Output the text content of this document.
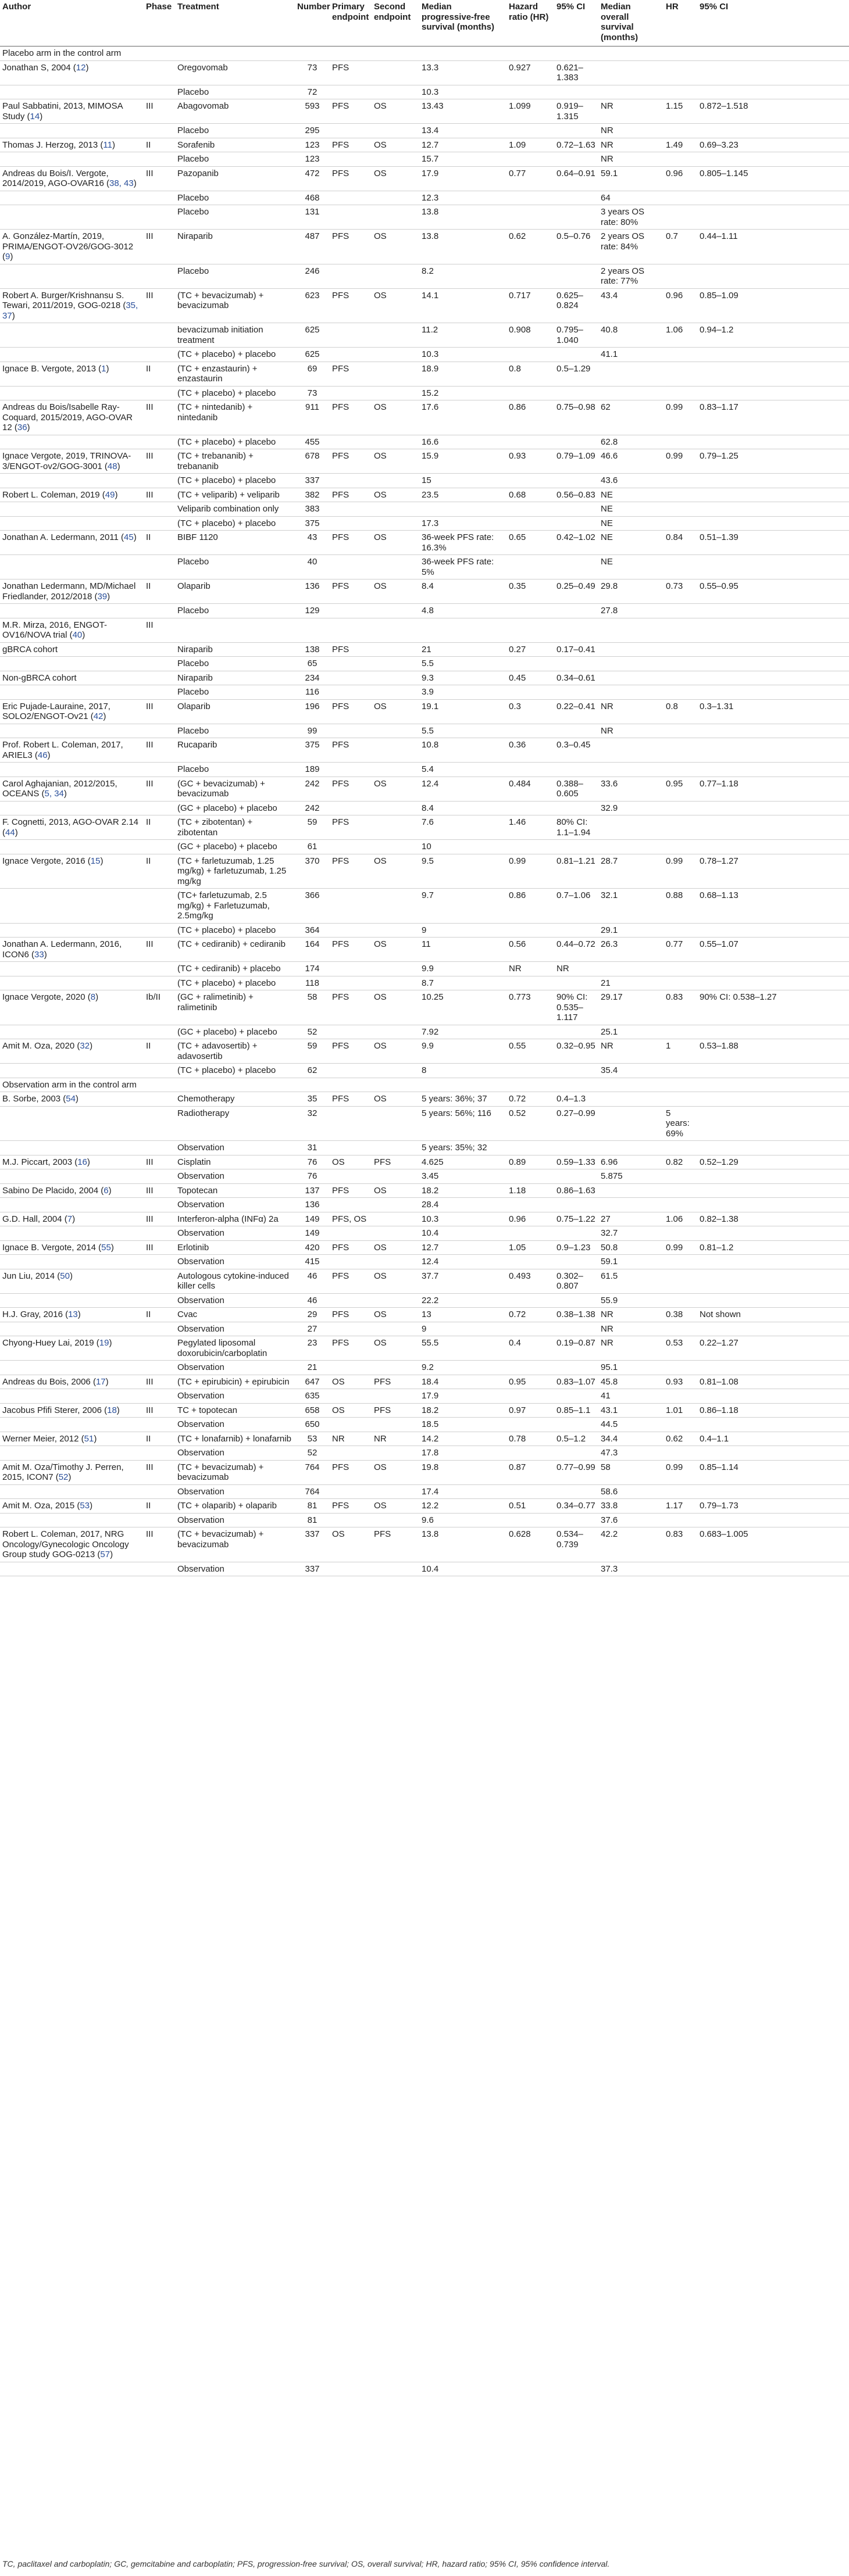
Author	Phase	Treatment	Number	Primary endpoint	Second endpoint	Median progressive-free survival (months)	Hazard ratio (HR)	95% CI	Median overall survival (months)	HR	95% CI
Placebo arm in the control arm											
Jonathan S, 2004 (12)		Oregovomab	73	PFS		13.3	0.927	0.621–1.383			
		Placebo	72			10.3					
Paul Sabbatini, 2013, MIMOSA Study (14)	III	Abagovomab	593	PFS	OS	13.43	1.099	0.919–1.315	NR	1.15	0.872–1.518
		Placebo	295			13.4			NR		
Thomas J. Herzog, 2013 (11)	II	Sorafenib	123	PFS	OS	12.7	1.09	0.72–1.63	NR	1.49	0.69–3.23
		Placebo	123			15.7			NR		
Andreas du Bois/I. Vergote, 2014/2019, AGO-OVAR16 (38, 43)	III	Pazopanib	472	PFS	OS	17.9	0.77	0.64–0.91	59.1	0.96	0.805–1.145
		Placebo	468			12.3			64		
		Placebo	131			13.8			3 years OS rate: 80%		
A. González-Martín, 2019, PRIMA/ENGOT-OV26/GOG-3012 (9)	III	Niraparib	487	PFS	OS	13.8	0.62	0.5–0.76	2 years OS rate: 84%	0.7	0.44–1.11
		Placebo	246			8.2			2 years OS rate: 77%		
Robert A. Burger/Krishnansu S. Tewari, 2011/2019, GOG-0218 (35, 37)	III	(TC + bevacizumab) + bevacizumab	623	PFS	OS	14.1	0.717	0.625–0.824	43.4	0.96	0.85–1.09
		bevacizumab initiation treatment	625			11.2	0.908	0.795–1.040	40.8	1.06	0.94–1.2
		(TC + placebo) + placebo	625			10.3			41.1		
Ignace B. Vergote, 2013 (1)	II	(TC + enzastaurin) + enzastaurin	69	PFS		18.9	0.8	0.5–1.29			
		(TC + placebo) + placebo	73			15.2					
Andreas du Bois/Isabelle Ray-Coquard, 2015/2019, AGO-OVAR 12 (36)	III	(TC + nintedanib) + nintedanib	911	PFS	OS	17.6	0.86	0.75–0.98	62	0.99	0.83–1.17
		(TC + placebo) + placebo	455			16.6			62.8		
Ignace Vergote, 2019, TRINOVA-3/ENGOT-ov2/GOG-3001 (48)	III	(TC + trebananib) + trebananib	678	PFS	OS	15.9	0.93	0.79–1.09	46.6	0.99	0.79–1.25
		(TC + placebo) + placebo	337			15			43.6		
Robert L. Coleman, 2019 (49)	III	(TC + veliparib) + veliparib	382	PFS	OS	23.5	0.68	0.56–0.83	NE		
		Veliparib combination only	383						NE		
		(TC + placebo) + placebo	375			17.3			NE		
Jonathan A. Ledermann, 2011 (45)	II	BIBF 1120	43	PFS	OS	36-week PFS rate: 16.3%	0.65	0.42–1.02	NE	0.84	0.51–1.39
		Placebo	40			36-week PFS rate: 5%			NE		
Jonathan Ledermann, MD/Michael Friedlander, 2012/2018 (39)	II	Olaparib	136	PFS	OS	8.4	0.35	0.25–0.49	29.8	0.73	0.55–0.95
		Placebo	129			4.8			27.8		
M.R. Mirza, 2016, ENGOT-OV16/NOVA trial (40)	III										
gBRCA cohort		Niraparib	138	PFS		21	0.27	0.17–0.41			
		Placebo	65			5.5					
Non-gBRCA cohort		Niraparib	234			9.3	0.45	0.34–0.61			
		Placebo	116			3.9					
Eric Pujade-Lauraine, 2017, SOLO2/ENGOT-Ov21 (42)	III	Olaparib	196	PFS	OS	19.1	0.3	0.22–0.41	NR	0.8	0.3–1.31
		Placebo	99			5.5			NR		
Prof. Robert L. Coleman, 2017, ARIEL3 (46)	III	Rucaparib	375	PFS		10.8	0.36	0.3–0.45			
		Placebo	189			5.4					
Carol Aghajanian, 2012/2015, OCEANS (5, 34)	III	(GC + bevacizumab) + bevacizumab	242	PFS	OS	12.4	0.484	0.388–0.605	33.6	0.95	0.77–1.18
		(GC + placebo) + placebo	242			8.4			32.9		
F. Cognetti, 2013, AGO-OVAR 2.14 (44)	II	(TC + zibotentan) + zibotentan	59	PFS		7.6	1.46	80% CI: 1.1–1.94			
		(GC + placebo) + placebo	61			10					
Ignace Vergote, 2016 (15)	II	(TC + farletuzumab, 1.25 mg/kg) + farletuzumab, 1.25 mg/kg	370	PFS	OS	9.5	0.99	0.81–1.21	28.7	0.99	0.78–1.27
		(TC+ farletuzumab, 2.5 mg/kg) + Farletuzumab, 2.5mg/kg	366			9.7	0.86	0.7–1.06	32.1	0.88	0.68–1.13
		(TC + placebo) + placebo	364			9			29.1		
Jonathan A. Ledermann, 2016, ICON6 (33)	III	(TC + cediranib) + cediranib	164	PFS	OS	11	0.56	0.44–0.72	26.3	0.77	0.55–1.07
		(TC + cediranib) + placebo	174			9.9	NR	NR			
		(TC + placebo) + placebo	118			8.7			21		
Ignace Vergote, 2020 (8)	Ib/II	(GC + ralimetinib) + ralimetinib	58	PFS	OS	10.25	0.773	90% CI: 0.535–1.117	29.17	0.83	90% CI: 0.538–1.27
		(GC + placebo) + placebo	52			7.92			25.1		
Amit M. Oza, 2020 (32)	II	(TC + adavosertib) + adavosertib	59	PFS	OS	9.9	0.55	0.32–0.95	NR	1	0.53–1.88
		(TC + placebo) + placebo	62			8			35.4		
Observation arm in the control arm											
B. Sorbe, 2003 (54)		Chemotherapy	35	PFS	OS	5 years: 36%; 37	0.72	0.4–1.3			
		Radiotherapy	32			5 years: 56%; 116	0.52	0.27–0.99		5 years: 69%	
		Observation	31			5 years: 35%; 32					
M.J. Piccart, 2003 (16)	III	Cisplatin	76	OS	PFS	4.625	0.89	0.59–1.33	6.96	0.82	0.52–1.29
		Observation	76			3.45			5.875		
Sabino De Placido, 2004 (6)	III	Topotecan	137	PFS	OS	18.2	1.18	0.86–1.63			
		Observation	136			28.4					
G.D. Hall, 2004 (7)	III	Interferon-alpha (INFα) 2a	149	PFS, OS		10.3	0.96	0.75–1.22	27	1.06	0.82–1.38
		Observation	149			10.4			32.7		
Ignace B. Vergote, 2014 (55)	III	Erlotinib	420	PFS	OS	12.7	1.05	0.9–1.23	50.8	0.99	0.81–1.2
		Observation	415			12.4			59.1		
Jun Liu, 2014 (50)		Autologous cytokine-induced killer cells	46	PFS	OS	37.7	0.493	0.302–0.807	61.5		
		Observation	46			22.2			55.9		
H.J. Gray, 2016 (13)	II	Cvac	29	PFS	OS	13	0.72	0.38–1.38	NR	0.38	Not shown
		Observation	27			9			NR		
Chyong-Huey Lai, 2019 (19)		Pegylated liposomal doxorubicin/carboplatin	23	PFS	OS	55.5	0.4	0.19–0.87	NR	0.53	0.22–1.27
		Observation	21			9.2			95.1		
Andreas du Bois, 2006 (17)	III	(TC + epirubicin) + epirubicin	647	OS	PFS	18.4	0.95	0.83–1.07	45.8	0.93	0.81–1.08
		Observation	635			17.9			41		
Jacobus Pfifi Sterer, 2006 (18)	III	TC + topotecan	658	OS	PFS	18.2	0.97	0.85–1.1	43.1	1.01	0.86–1.18
		Observation	650			18.5			44.5		
Werner Meier, 2012 (51)	II	(TC + lonafarnib) + lonafarnib	53	NR	NR	14.2	0.78	0.5–1.2	34.4	0.62	0.4–1.1
		Observation	52			17.8			47.3		
Amit M. Oza/Timothy J. Perren, 2015, ICON7 (52)	III	(TC + bevacizumab) + bevacizumab	764	PFS	OS	19.8	0.87	0.77–0.99	58	0.99	0.85–1.14
		Observation	764			17.4			58.6		
Amit M. Oza, 2015 (53)	II	(TC + olaparib) + olaparib	81	PFS	OS	12.2	0.51	0.34–0.77	33.8	1.17	0.79–1.73
		Observation	81			9.6			37.6		
Robert L. Coleman, 2017, NRG Oncology/Gynecologic Oncology Group study GOG-0213 (57)	III	(TC + bevacizumab) + bevacizumab	337	OS	PFS	13.8	0.628	0.534–0.739	42.2	0.83	0.683–1.005
		Observation	337			10.4			37.3		
TC, paclitaxel and carboplatin; GC, gemcitabine and carboplatin; PFS, progression-free survival; OS, overall survival; HR, hazard ratio; 95% CI, 95% confidence interval.
